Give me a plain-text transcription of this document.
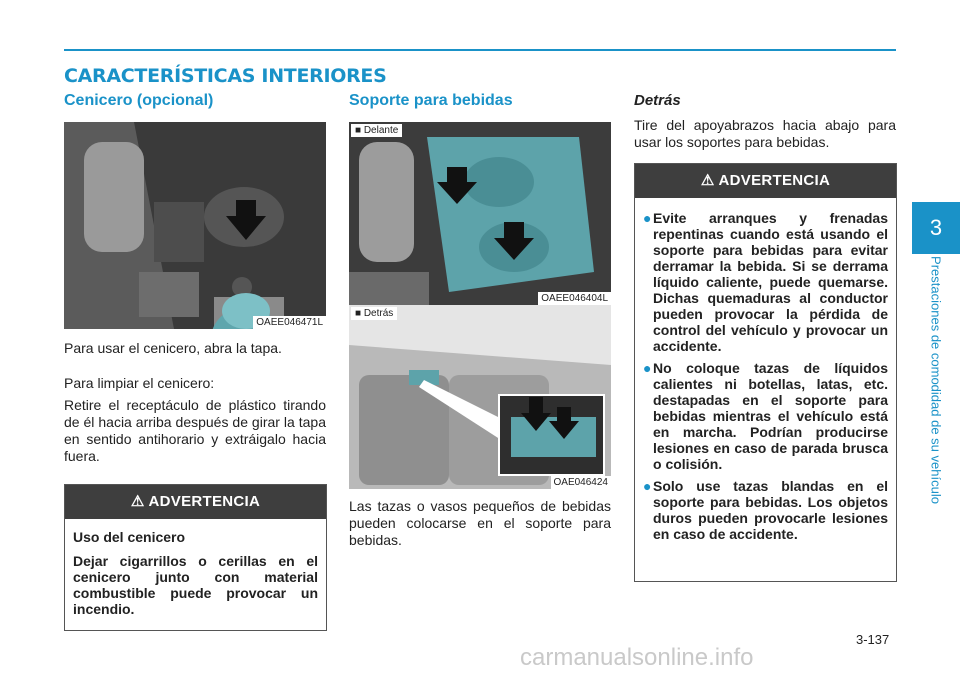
CARACTERÍSTICAS INTERIORES
Cenicero (opcional)
OAEE046471L

Para usar el cenicero, abra la tapa.

Para limpiar el cenicero:

Retire el receptáculo de plástico tirando de él hacia arriba después de girar la tapa en sentido antihorario y extráigalo hacia fuera.

⚠ ADVERTENCIA

Uso del cenicero

Dejar cigarrillos o cerillas en el cenicero junto con material combustible puede provocar un incendio.

Soporte para bebidas
■ Delante
OAEE046404L
■ Detrás
OAE046424

Las tazas o vasos pequeños de bebidas pueden colocarse en el soporte para bebidas.

Detrás

Tire del apoyabrazos hacia abajo para usar los soportes para bebidas.

⚠ ADVERTENCIA
● Evite arranques y frenadas repentinas cuando está usando el soporte para bebidas para evitar derramar la bebida. Si se derrama líquido caliente, puede quemarse. Dichas quemaduras al conductor pueden provocar la pérdida de control del vehículo y provocar un accidente.

● No coloque tazas de líquidos calientes ni botellas, latas, etc. destapadas en el soporte para bebidas mientras el vehículo está en marcha. Podrían producirse lesiones en caso de parada brusca o colisión.

● Solo use tazas blandas en el soporte para bebidas. Los objetos duros pueden provocarle lesiones en caso de accidente.

3
Prestaciones de comodidad de su vehículo
3-137
carmanualsonline.info
